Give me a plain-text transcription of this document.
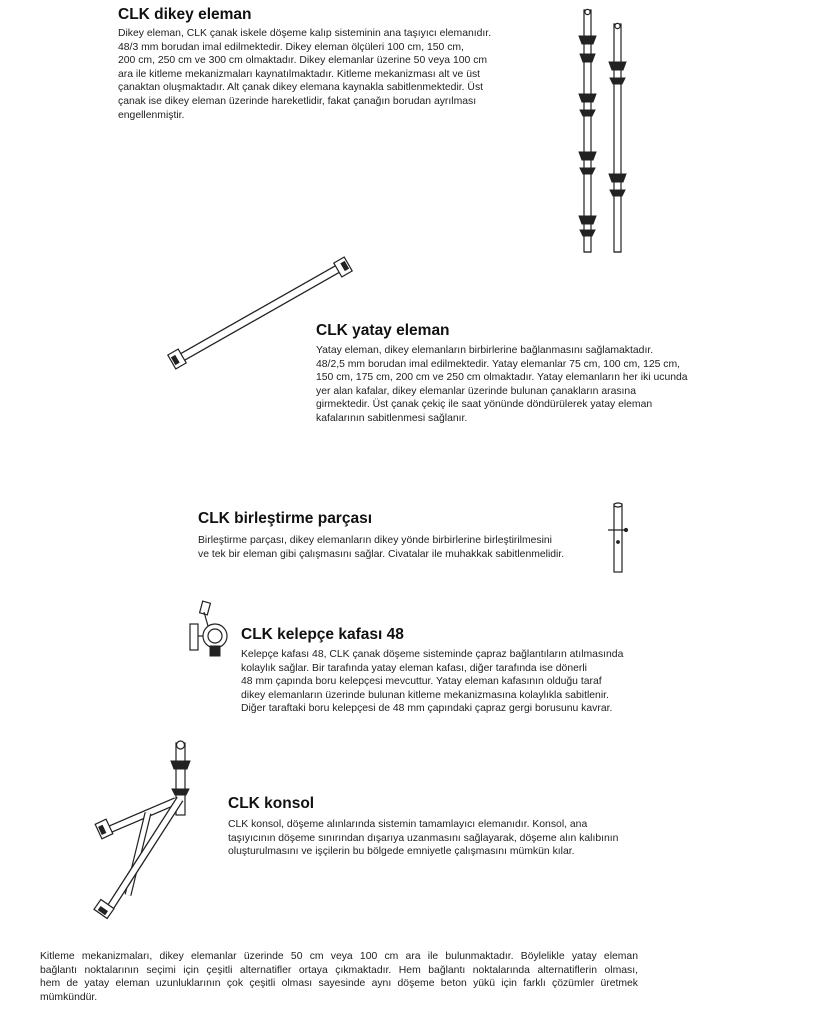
CLK dikey eleman
Dikey eleman, CLK çanak iskele döşeme kalıp sisteminin ana taşıyıcı elemanıdır.
48/3 mm borudan imal edilmektedir. Dikey eleman ölçüleri 100 cm, 150 cm,
200 cm, 250 cm ve 300 cm olmaktadır. Dikey elemanlar üzerine 50 veya 100 cm
ara ile kitleme mekanizmaları kaynatılmaktadır. Kitleme mekanizması alt ve üst
çanaktan oluşmaktadır. Alt çanak dikey elemana kaynakla sabitlenmektedir. Üst
çanak ise dikey eleman üzerinde hareketlidir, fakat çanağın borudan ayrılması
engellenmiştir.
CLK yatay eleman
Yatay eleman, dikey elemanların birbirlerine bağlanmasını sağlamaktadır.
48/2,5 mm borudan imal edilmektedir. Yatay elemanlar 75 cm, 100 cm, 125 cm,
150 cm, 175 cm, 200 cm ve 250 cm olmaktadır. Yatay elemanların her iki ucunda
yer alan kafalar, dikey elemanlar üzerinde bulunan çanakların arasına
girmektedir. Üst çanak çekiç ile saat yönünde döndürülerek yatay eleman
kafalarının sabitlenmesi sağlanır.
CLK birleştirme parçası
Birleştirme parçası, dikey elemanların dikey yönde birbirlerine birleştirilmesini
ve tek bir eleman gibi çalışmasını sağlar. Civatalar ile muhakkak sabitlenmelidir.
CLK kelepçe kafası 48
Kelepçe kafası 48, CLK çanak döşeme sisteminde çapraz bağlantıların atılmasında
kolaylık sağlar. Bir tarafında yatay eleman kafası, diğer tarafında ise dönerli
48 mm çapında boru kelepçesi mevcuttur. Yatay eleman kafasının olduğu taraf
dikey elemanların üzerinde bulunan kitleme mekanizmasına kolaylıkla sabitlenir.
Diğer taraftaki boru kelepçesi de 48 mm çapındaki çapraz gergi borusunu kavrar.
CLK konsol
CLK konsol, döşeme alınlarında sistemin tamamlayıcı elemanıdır. Konsol, ana
taşıyıcının döşeme sınırından dışarıya uzanmasını sağlayarak, döşeme alın kalıbının
oluşturulmasını ve işçilerin bu bölgede emniyetle çalışmasını mümkün kılar.
Kitleme mekanizmaları, dikey elemanlar üzerinde 50 cm veya 100 cm ara ile bulunmaktadır. Böylelikle yatay eleman
bağlantı noktalarının seçimi için çeşitli alternatifler ortaya çıkmaktadır. Hem bağlantı noktalarında alternatiflerin olması,
hem de yatay eleman uzunluklarının çok çeşitli olması sayesinde aynı döşeme beton yükü için farklı çözümler üretmek
mümkündür.
